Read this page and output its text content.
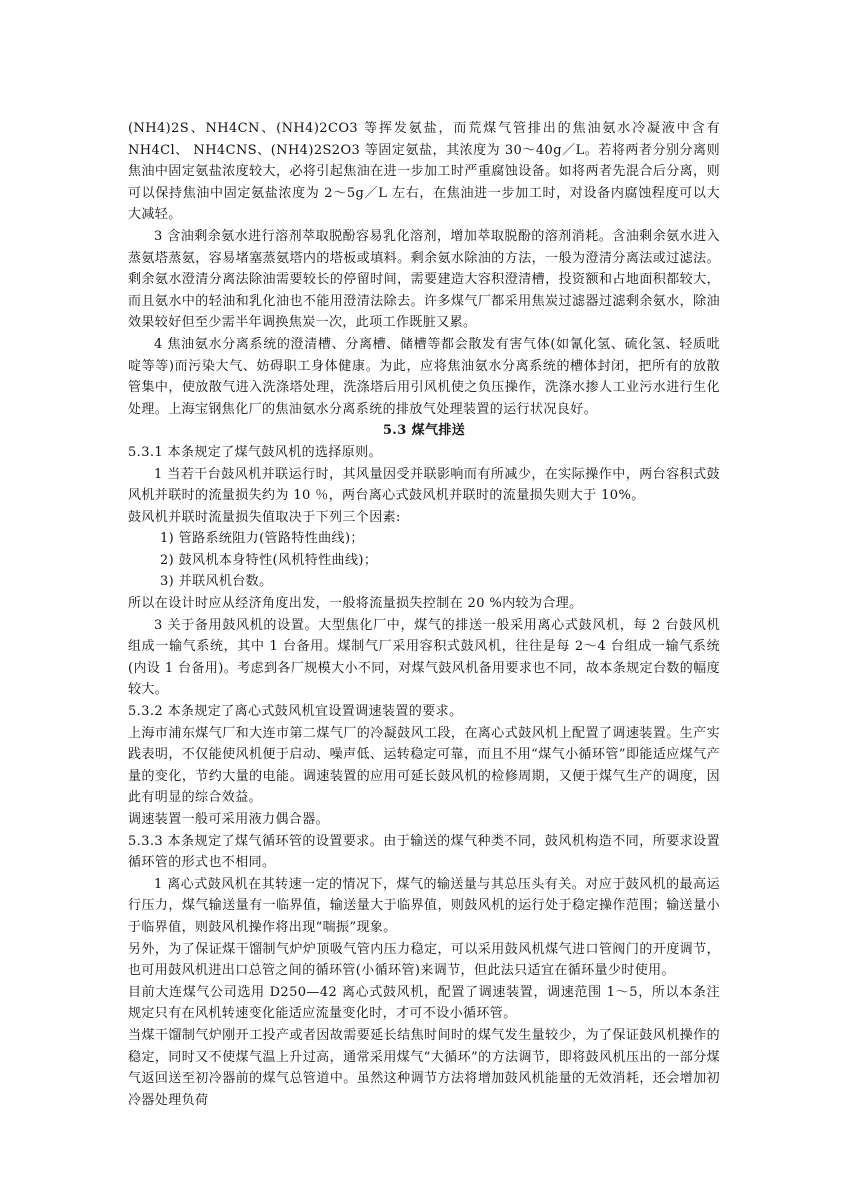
(NH4)2S、NH4CN、(NH4)2CO3 等挥发氨盐，而荒煤气管排出的焦油氨水冷凝液中含有 NH4Cl、 NH4CNS、(NH4)2S2O3 等固定氨盐，其浓度为 30～40g／L。若将两者分别分离则焦油中固定氨盐浓度较大，必将引起焦油在进一步加工时严重腐蚀设备。如将两者先混合后分离，则可以保持焦油中固定氨盐浓度为 2～5g／L 左右，在焦油进一步加工时，对设备内腐蚀程度可以大大减轻。

3 含油剩余氨水进行溶剂萃取脱酚容易乳化溶剂，增加萃取脱酚的溶剂消耗。含油剩余氨水进入蒸氨塔蒸氨，容易堵塞蒸氨塔内的塔板或填料。剩余氨水除油的方法，一般为澄清分离法或过滤法。剩余氨水澄清分离法除油需要较长的停留时间，需要建造大容积澄清槽，投资额和占地面积都较大，而且氨水中的轻油和乳化油也不能用澄清法除去。许多煤气厂都采用焦炭过滤器过滤剩余氨水，除油效果较好但至少需半年调换焦炭一次，此项工作既脏又累。

4 焦油氨水分离系统的澄清槽、分离槽、储槽等都会散发有害气体(如氰化氢、硫化氢、轻质吡啶等等)而污染大气、妨碍职工身体健康。为此，应将焦油氨水分离系统的槽体封闭，把所有的放散管集中，使放散气进入洗涤塔处理，洗涤塔后用引风机使之负压操作，洗涤水掺人工业污水进行生化处理。上海宝钢焦化厂的焦油氨水分离系统的排放气处理装置的运行状况良好。

5.3 煤气排送

5.3.1 本条规定了煤气鼓风机的选择原则。

1 当若干台鼓风机并联运行时，其风量因受并联影响而有所减少，在实际操作中，两台容积式鼓风机并联时的流量损失约为 10 ％，两台离心式鼓风机并联时的流量损失则大于 10%。

鼓风机并联时流量损失值取决于下列三个因素:

1) 管路系统阻力(管路特性曲线)；

2) 鼓风机本身特性(风机特性曲线)；

3) 并联风机台数。

所以在设计时应从经济角度出发，一般将流量损失控制在 20 %内较为合理。

3 关于备用鼓风机的设置。大型焦化厂中，煤气的排送一般采用离心式鼓风机，每 2 台鼓风机组成一输气系统，其中 1 台备用。煤制气厂采用容积式鼓风机，往往是每 2～4 台组成一输气系统(内设 1 台备用)。考虑到各厂规模大小不同，对煤气鼓风机备用要求也不同，故本条规定台数的幅度较大。

5.3.2 本条规定了离心式鼓风机宜设置调速装置的要求。

上海市浦东煤气厂和大连市第二煤气厂的冷凝鼓风工段，在离心式鼓风机上配置了调速装置。生产实践表明，不仅能使风机便于启动、噪声低、运转稳定可靠，而且不用“煤气小循环管”即能适应煤气产量的变化，节约大量的电能。调速装置的应用可延长鼓风机的检修周期，又便于煤气生产的调度，因此有明显的综合效益。

调速装置一般可采用液力偶合器。

5.3.3 本条规定了煤气循环管的设置要求。由于输送的煤气种类不同，鼓风机构造不同，所要求设置循环管的形式也不相同。

1 离心式鼓风机在其转速一定的情况下，煤气的输送量与其总压头有关。对应于鼓风机的最高运行压力，煤气输送量有一临界值，输送量大于临界值，则鼓风机的运行处于稳定操作范围；输送量小于临界值，则鼓风机操作将出现“喘振”现象。

另外，为了保证煤干馏制气炉炉顶吸气管内压力稳定，可以采用鼓风机煤气进口管阀门的开度调节，也可用鼓风机进出口总管之间的循环管(小循环管)来调节，但此法只适宜在循环量少时使用。

目前大连煤气公司选用 D250—42 离心式鼓风机，配置了调速装置，调速范围 1～5，所以本条注规定只有在风机转速变化能适应流量变化时，才可不设小循环管。

当煤干馏制气炉刚开工投产或者因故需要延长结焦时间时的煤气发生量较少，为了保证鼓风机操作的稳定，同时又不使煤气温上升过高，通常采用煤气“大循环”的方法调节，即将鼓风机压出的一部分煤气返回送至初冷器前的煤气总管道中。虽然这种调节方法将增加鼓风机能量的无效消耗，还会增加初冷器处理负荷
